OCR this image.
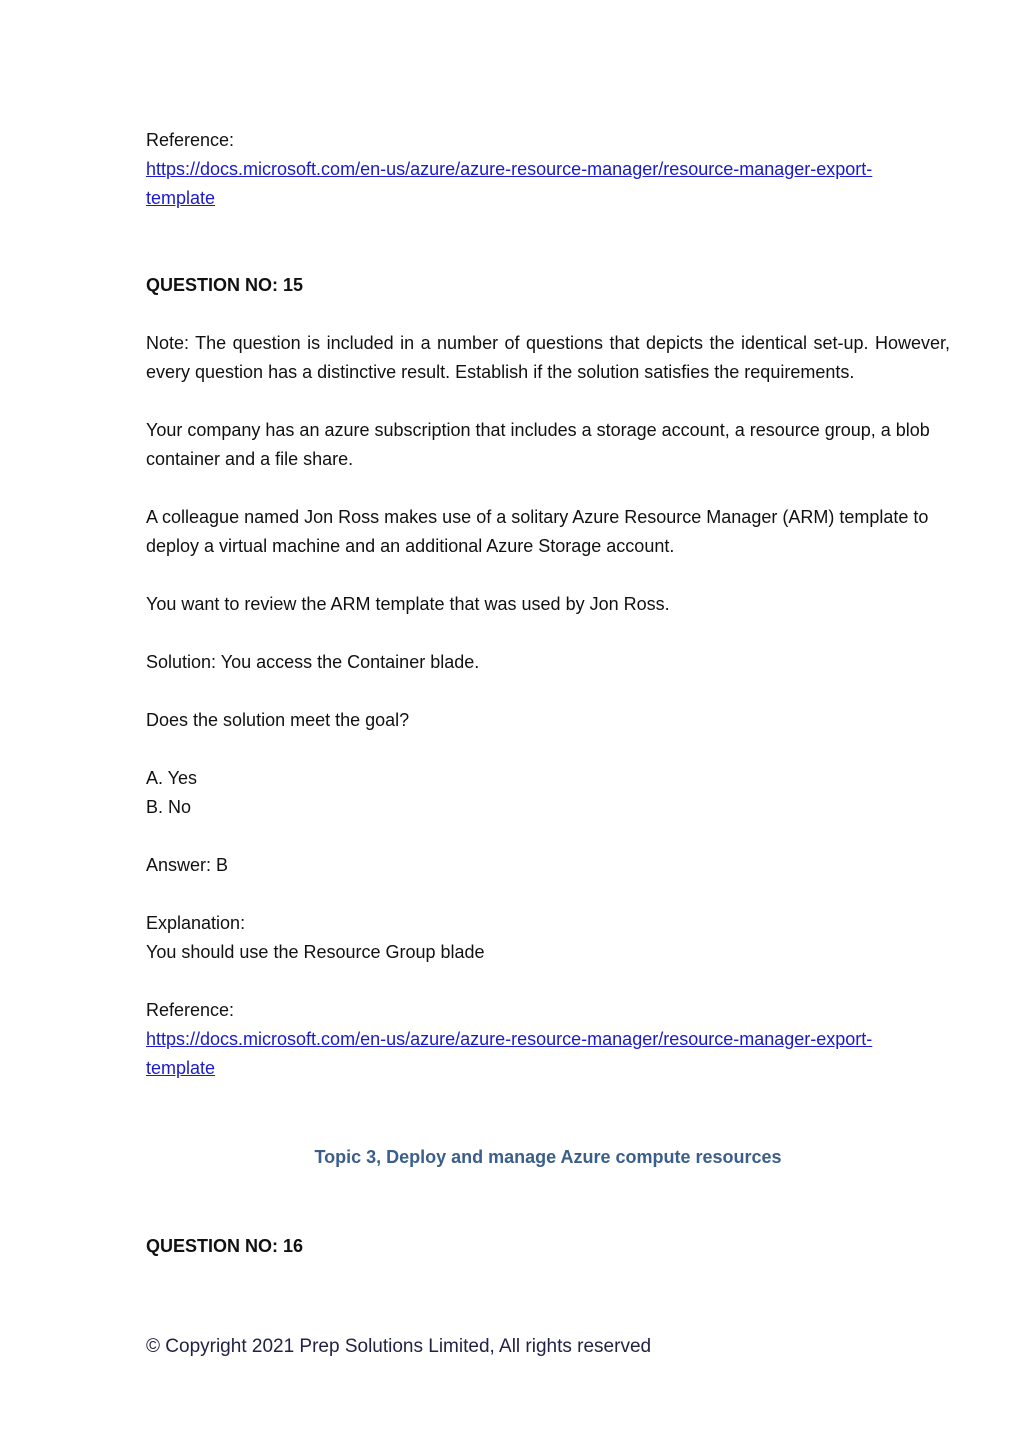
Reference:

https://docs.microsoft.com/en-us/azure/azure-resource-manager/resource-manager-export-
template

QUESTION NO: 15

Note: The question is included in a number of questions that depicts the identical set-up. However, every question has a distinctive result. Establish if the solution satisfies the requirements.

Your company has an azure subscription that includes a storage account, a resource group, a blob container and a file share.

A colleague named Jon Ross makes use of a solitary Azure Resource Manager (ARM) template to deploy a virtual machine and an additional Azure Storage account.

You want to review the ARM template that was used by Jon Ross.

Solution: You access the Container blade.

Does the solution meet the goal?

A. Yes

B. No

Answer: B

Explanation:

You should use the Resource Group blade

Reference:

https://docs.microsoft.com/en-us/azure/azure-resource-manager/resource-manager-export-
template

Topic 3, Deploy and manage Azure compute resources

QUESTION NO: 16

© Copyright 2021 Prep Solutions Limited, All rights reserved
